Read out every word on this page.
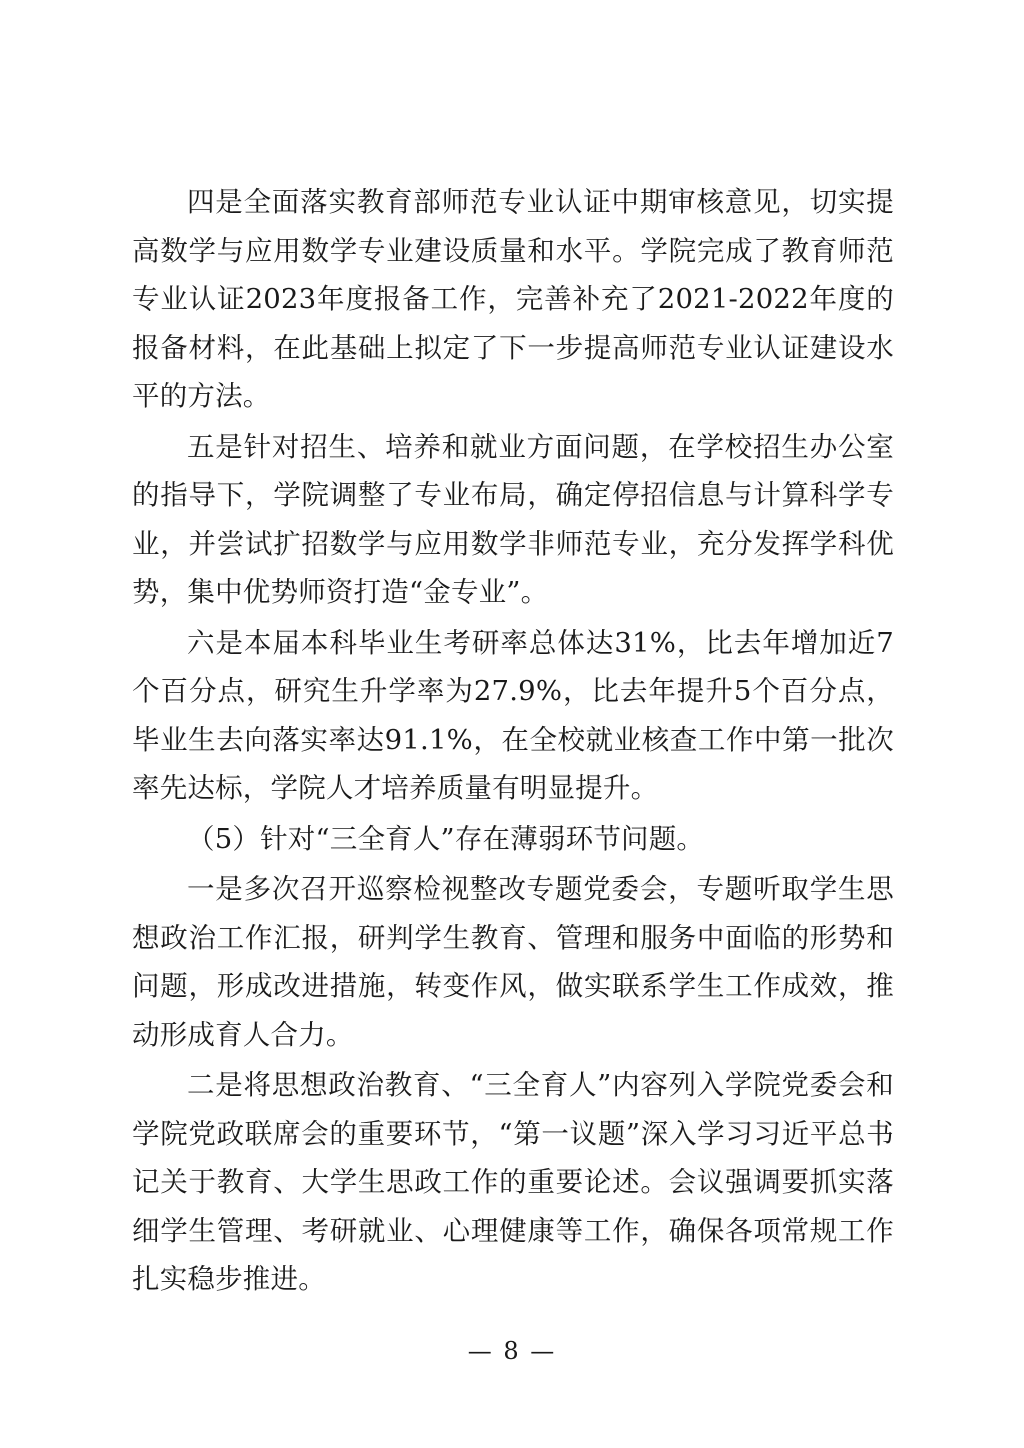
四是全面落实教育部师范专业认证中期审核意见，切实提高数学与应用数学专业建设质量和水平。学院完成了教育师范专业认证2023年度报备工作，完善补充了2021-2022年度的报备材料，在此基础上拟定了下一步提高师范专业认证建设水平的方法。

五是针对招生、培养和就业方面问题，在学校招生办公室的指导下，学院调整了专业布局，确定停招信息与计算科学专业，并尝试扩招数学与应用数学非师范专业，充分发挥学科优势，集中优势师资打造“金专业”。

六是本届本科毕业生考研率总体达31%，比去年增加近7个百分点，研究生升学率为27.9%，比去年提升5个百分点，毕业生去向落实率达91.1%，在全校就业核查工作中第一批次率先达标，学院人才培养质量有明显提升。

（5）针对“三全育人”存在薄弱环节问题。

一是多次召开巡察检视整改专题党委会，专题听取学生思想政治工作汇报，研判学生教育、管理和服务中面临的形势和问题，形成改进措施，转变作风，做实联系学生工作成效，推动形成育人合力。

二是将思想政治教育、“三全育人”内容列入学院党委会和学院党政联席会的重要环节，“第一议题”深入学习习近平总书记关于教育、大学生思政工作的重要论述。会议强调要抓实落细学生管理、考研就业、心理健康等工作，确保各项常规工作扎实稳步推进。

— 8 —
